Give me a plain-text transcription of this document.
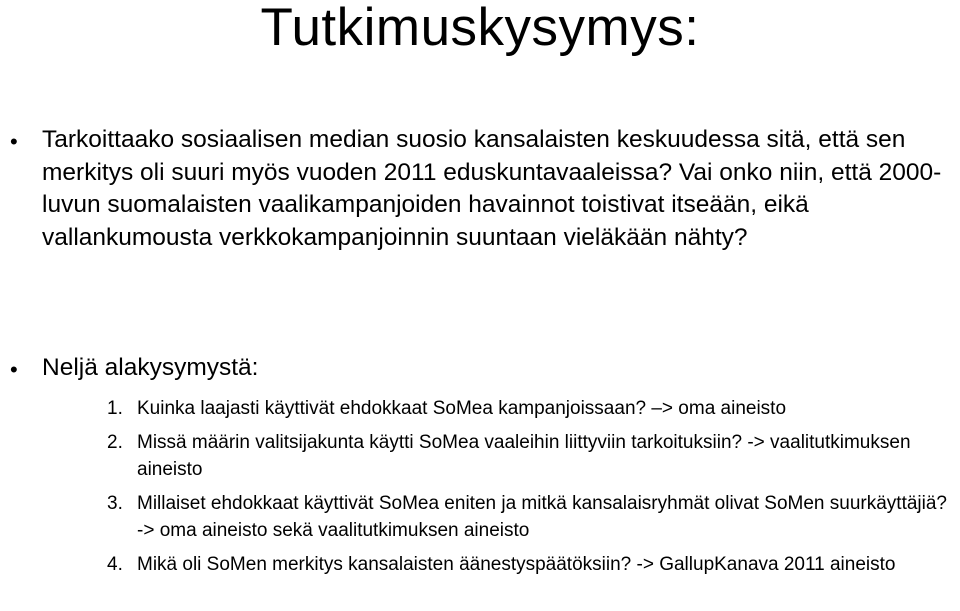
Tutkimuskysymys:
• Tarkoittaako sosiaalisen median suosio kansalaisten keskuudessa sitä, että sen merkitys oli suuri myös vuoden 2011 eduskuntavaaleissa? Vai onko niin, että 2000-luvun suomalaisten vaalikampanjoiden havainnot toistivat itseään, eikä vallankumousta verkkokampanjoinnin suuntaan vieläkään nähty?

• Neljä alakysymystä:

1. Kuinka laajasti käyttivät ehdokkaat SoMea kampanjoissaan? –> oma aineisto
2. Missä määrin valitsijakunta käytti SoMea vaaleihin liittyviin tarkoituksiin? -> vaalitutkimuksen aineisto
3. Millaiset ehdokkaat käyttivät SoMea eniten ja mitkä kansalaisryhmät olivat SoMen suurkäyttäjiä? -> oma aineisto sekä vaalitutkimuksen aineisto
4. Mikä oli SoMen merkitys kansalaisten äänestyspäätöksiin? -> GallupKanava 2011 aineisto
